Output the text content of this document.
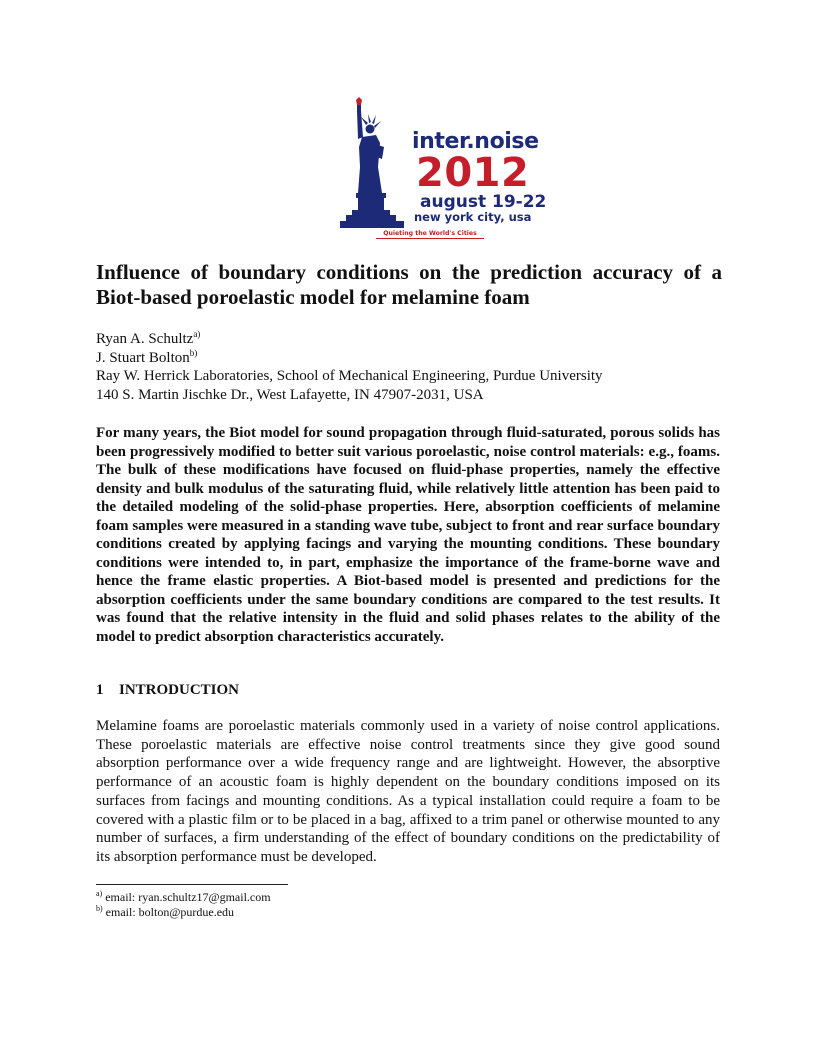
inter.noise
2012
august 19-22
new york city, usa
Quieting the World's Cities
Influence of boundary conditions on the prediction accuracy of a Biot-based poroelastic model for melamine foam
Ryan A. Schultz$^{a)}$
J. Stuart Bolton$^{b)}$
Ray W. Herrick Laboratories, School of Mechanical Engineering, Purdue University
140 S. Martin Jischke Dr., West Lafayette, IN 47907-2031, USA

For many years, the Biot model for sound propagation through fluid-saturated, porous solids has been progressively modified to better suit various poroelastic, noise control materials: e.g., foams. The bulk of these modifications have focused on fluid-phase properties, namely the effective density and bulk modulus of the saturating fluid, while relatively little attention has been paid to the detailed modeling of the solid-phase properties. Here, absorption coefficients of melamine foam samples were measured in a standing wave tube, subject to front and rear surface boundary conditions created by applying facings and varying the mounting conditions. These boundary conditions were intended to, in part, emphasize the importance of the frame-borne wave and hence the frame elastic properties. A Biot-based model is presented and predictions for the absorption coefficients under the same boundary conditions are compared to the test results. It was found that the relative intensity in the fluid and solid phases relates to the ability of the model to predict absorption characteristics accurately.

1 INTRODUCTION

Melamine foams are poroelastic materials commonly used in a variety of noise control applications. These poroelastic materials are effective noise control treatments since they give good sound absorption performance over a wide frequency range and are lightweight. However, the absorptive performance of an acoustic foam is highly dependent on the boundary conditions imposed on its surfaces from facings and mounting conditions. As a typical installation could require a foam to be covered with a plastic film or to be placed in a bag, affixed to a trim panel or otherwise mounted to any number of surfaces, a firm understanding of the effect of boundary conditions on the predictability of its absorption performance must be developed.

$^{a)}$ email: ryan.schultz17@gmail.com
$^{b)}$ email: bolton@purdue.edu
